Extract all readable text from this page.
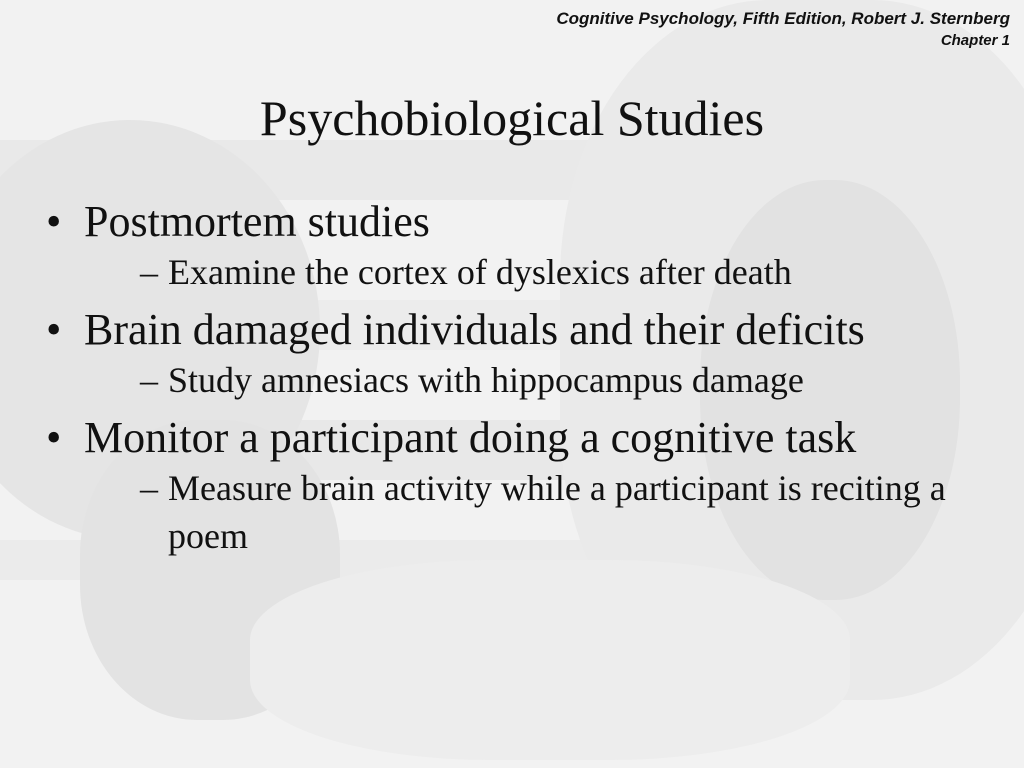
Cognitive Psychology, Fifth Edition, Robert J. Sternberg
Chapter 1
Psychobiological Studies
• Postmortem studies
– Examine the cortex of dyslexics after death
• Brain damaged individuals and their deficits
– Study amnesiacs with hippocampus damage
• Monitor a participant doing a cognitive task
– Measure brain activity while a participant is reciting a poem
